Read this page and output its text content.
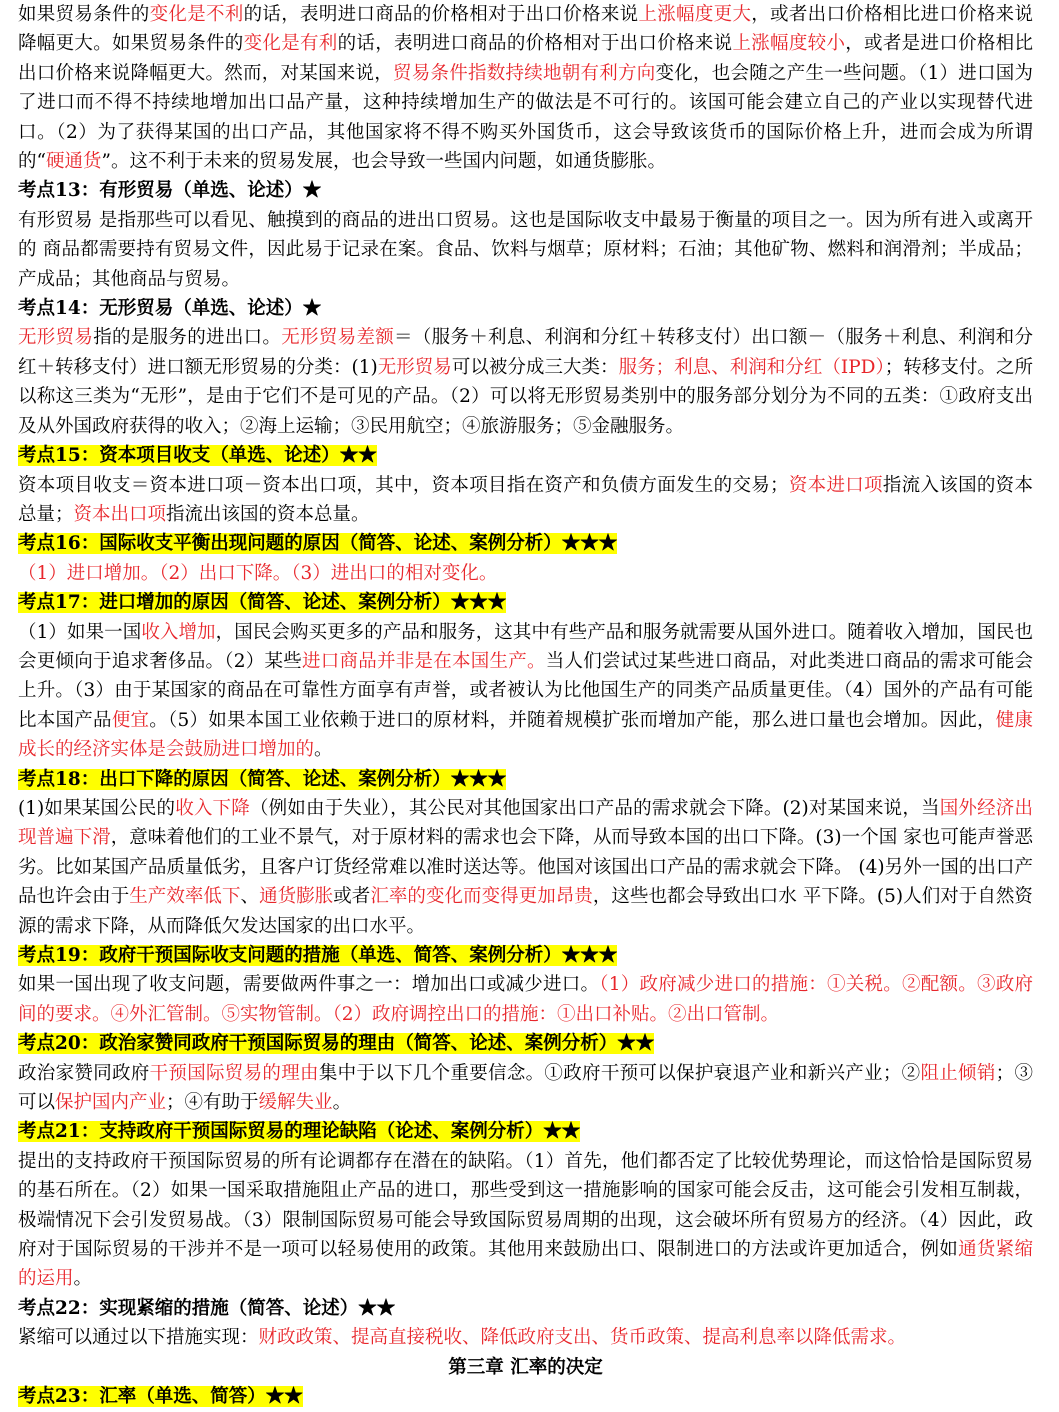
如果贸易条件的变化是不利的话，表明进口商品的价格相对于出口价格来说上涨幅度更大，或者出口价格相比进口价格来说降幅更大。如果贸易条件的变化是有利的话，表明进口商品的价格相对于出口价格来说上涨幅度较小，或者是进口价格相比出口价格来说降幅更大。然而，对某国来说，贸易条件指数持续地朝有利方向变化，也会随之产生一些问题。（1）进口国为了进口而不得不持续地增加出口品产量，这种持续增加生产的做法是不可行的。该国可能会建立自己的产业以实现替代进口。（2）为了获得某国的出口产品，其他国家将不得不购买外国货币，这会导致该货币的国际价格上升，进而会成为所谓的“硬通货”。这不利于未来的贸易发展，也会导致一些国内问题，如通货膨胀。

考点13：有形贸易（单选、论述）★

有形贸易 是指那些可以看见、触摸到的商品的进出口贸易。这也是国际收支中最易于衡量的项目之一。因为所有进入或离开的 商品都需要持有贸易文件，因此易于记录在案。食品、饮料与烟草；原材料；石油；其他矿物、燃料和润滑剂；半成品；产成品；其他商品与贸易。

考点14：无形贸易（单选、论述）★

无形贸易指的是服务的进出口。无形贸易差额＝（服务＋利息、利润和分红＋转移支付）出口额－（服务＋利息、利润和分红＋转移支付）进口额无形贸易的分类：(1)无形贸易可以被分成三大类：服务；利息、利润和分红（IPD）；转移支付。之所以称这三类为“无形”，是由于它们不是可见的产品。（2）可以将无形贸易类别中的服务部分划分为不同的五类：①政府支出及从外国政府获得的收入；②海上运输；③民用航空；④旅游服务；⑤金融服务。

考点15：资本项目收支（单选、论述）★★

资本项目收支＝资本进口项－资本出口项，其中，资本项目指在资产和负债方面发生的交易；资本进口项指流入该国的资本总量；资本出口项指流出该国的资本总量。

考点16：国际收支平衡出现问题的原因（简答、论述、案例分析）★★★

（1）进口增加。（2）出口下降。（3）进出口的相对变化。

考点17：进口增加的原因（简答、论述、案例分析）★★★

（1）如果一国收入增加，国民会购买更多的产品和服务，这其中有些产品和服务就需要从国外进口。随着收入增加，国民也会更倾向于追求奢侈品。（2）某些进口商品并非是在本国生产。当人们尝试过某些进口商品，对此类进口商品的需求可能会上升。（3）由于某国家的商品在可靠性方面享有声誉，或者被认为比他国生产的同类产品质量更佳。（4）国外的产品有可能比本国产品便宜。（5）如果本国工业依赖于进口的原材料，并随着规模扩张而增加产能，那么进口量也会增加。因此，健康成长的经济实体是会鼓励进口增加的。

考点18：出口下降的原因（简答、论述、案例分析）★★★

(1)如果某国公民的收入下降（例如由于失业），其公民对其他国家出口产品的需求就会下降。(2)对某国来说，当国外经济出现普遍下滑，意味着他们的工业不景气，对于原材料的需求也会下降，从而导致本国的出口下降。(3)一个国 家也可能声誉恶劣。比如某国产品质量低劣，且客户订货经常难以准时送达等。他国对该国出口产品的需求就会下降。 (4)另外一国的出口产品也许会由于生产效率低下、通货膨胀或者汇率的变化而变得更加昂贵，这些也都会导致出口水 平下降。(5)人们对于自然资源的需求下降，从而降低欠发达国家的出口水平。

考点19：政府干预国际收支问题的措施（单选、简答、案例分析）★★★

如果一国出现了收支问题，需要做两件事之一：增加出口或减少进口。（1）政府减少进口的措施：①关税。②配额。③政府间的要求。④外汇管制。⑤实物管制。（2）政府调控出口的措施：①出口补贴。②出口管制。

考点20：政治家赞同政府干预国际贸易的理由（简答、论述、案例分析）★★

政治家赞同政府干预国际贸易的理由集中于以下几个重要信念。①政府干预可以保护衰退产业和新兴产业；②阻止倾销；③可以保护国内产业；④有助于缓解失业。

考点21：支持政府干预国际贸易的理论缺陷（论述、案例分析）★★

提出的支持政府干预国际贸易的所有论调都存在潜在的缺陷。（1）首先，他们都否定了比较优势理论，而这恰恰是国际贸易的基石所在。（2）如果一国采取措施阻止产品的进口，那些受到这一措施影响的国家可能会反击，这可能会引发相互制裁，极端情况下会引发贸易战。（3）限制国际贸易可能会导致国际贸易周期的出现，这会破坏所有贸易方的经济。（4）因此，政府对于国际贸易的干涉并不是一项可以轻易使用的政策。其他用来鼓励出口、限制进口的方法或许更加适合，例如通货紧缩的运用。

考点22：实现紧缩的措施（简答、论述）★★

紧缩可以通过以下措施实现：财政政策、提高直接税收、降低政府支出、货币政策、提高利息率以降低需求。

第三章 汇率的决定

考点23：汇率（单选、简答）★★
